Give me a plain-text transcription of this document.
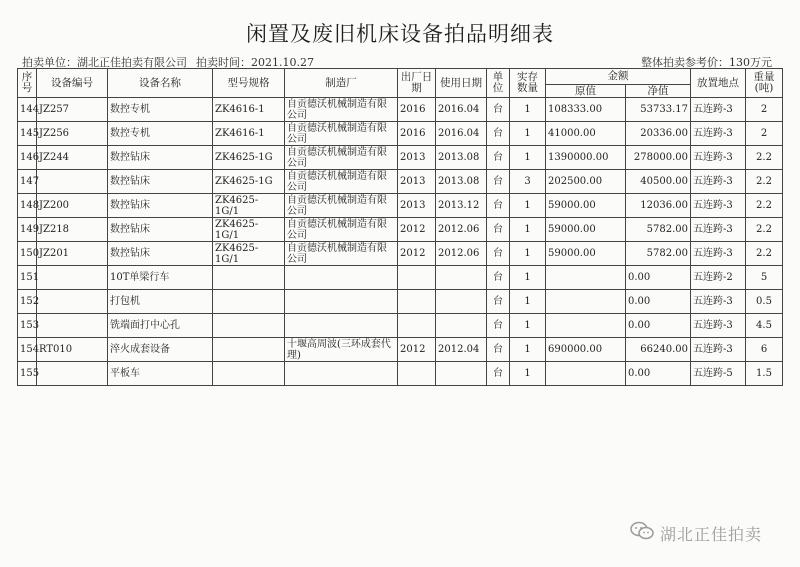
闲置及废旧机床设备拍品明细表
拍卖单位：湖北正佳拍卖有限公司 拍卖时间：2021.10.27	整体拍卖参考价：130万元
序号	设备编号	设备名称	型号规格	制造厂	出厂日期	使用日期	单位	实存数量	金额		放置地点	重量(吨)
									原值	净值		
144	JZ257	数控专机	ZK4616-1	自贡德沃机械制造有限公司	2016	2016.04	台	1	108333.00	53733.17	五连跨-3	2
145	JZ256	数控专机	ZK4616-1	自贡德沃机械制造有限公司	2016	2016.04	台	1	41000.00	20336.00	五连跨-3	2
146	JZ244	数控钻床	ZK4625-1G	自贡德沃机械制造有限公司	2013	2013.08	台	1	1390000.00	278000.00	五连跨-3	2.2
147		数控钻床	ZK4625-1G	自贡德沃机械制造有限公司	2013	2013.08	台	3	202500.00	40500.00	五连跨-3	2.2
148	JZ200	数控钻床	ZK4625-1G/1	自贡德沃机械制造有限公司	2013	2013.12	台	1	59000.00	12036.00	五连跨-3	2.2
149	JZ218	数控钻床	ZK4625-1G/1	自贡德沃机械制造有限公司	2012	2012.06	台	1	59000.00	5782.00	五连跨-3	2.2
150	JZ201	数控钻床	ZK4625-1G/1	自贡德沃机械制造有限公司	2012	2012.06	台	1	59000.00	5782.00	五连跨-3	2.2
151		10T单梁行车					台	1		0.00	五连跨-2	5
152		打包机					台	1		0.00	五连跨-3	0.5
153		铣端面打中心孔					台	1		0.00	五连跨-3	4.5
154	RT010	淬火成套设备		十堰高周波(三环成套代理)	2012	2012.04	台	1	690000.00	66240.00	五连跨-3	6
155		平板车					台	1		0.00	五连跨-5	1.5
湖北正佳拍卖
